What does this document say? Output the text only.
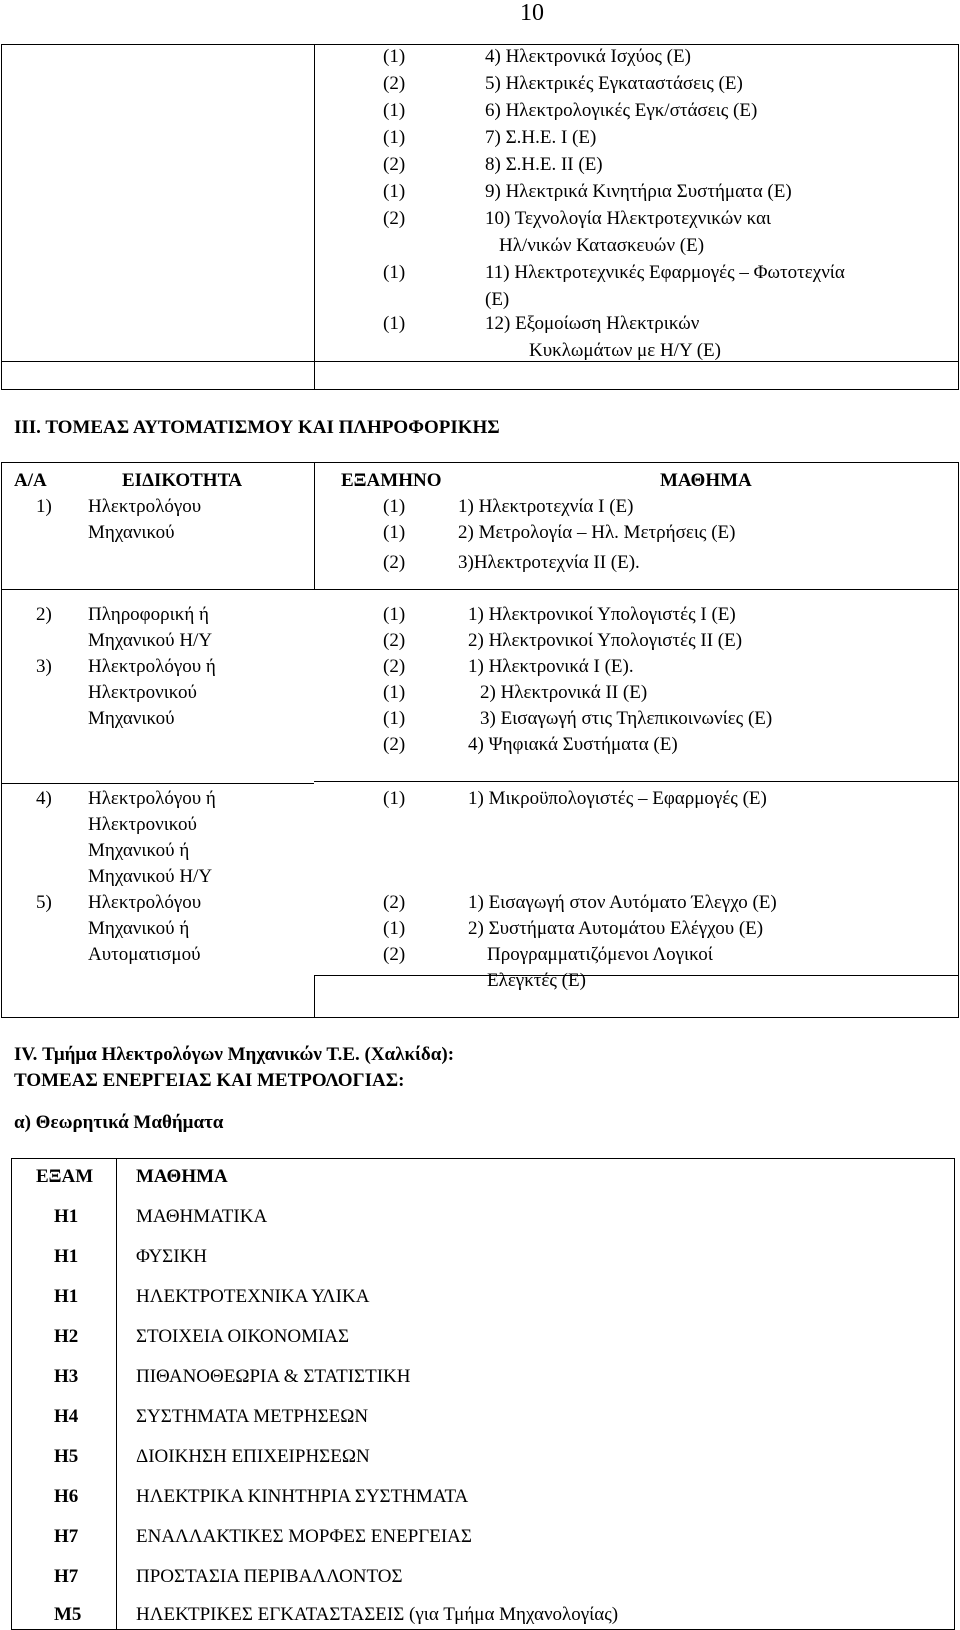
10
(1)	4) Ηλεκτρονικά Ισχύος (Ε)
(2)	5) Ηλεκτρικές Εγκαταστάσεις (Ε)
(1)	6) Ηλεκτρολογικές Εγκ/στάσεις (Ε)
(1)	7) Σ.Η.Ε. Ι (Ε)
(2)	8) Σ.Η.Ε. ΙΙ (Ε)
(1)	9) Ηλεκτρικά Κινητήρια Συστήματα (Ε)
(2)	10) Τεχνολογία Ηλεκτροτεχνικών και
Ηλ/νικών Κατασκευών (Ε)
(1)	11) Ηλεκτροτεχνικές Εφαρμογές – Φωτοτεχνία
(Ε)
(1)	12) Εξομοίωση Ηλεκτρικών
Κυκλωμάτων με Η/Υ (Ε)
ΙΙΙ. ΤΟΜΕΑΣ ΑΥΤΟΜΑΤΙΣΜΟΥ ΚΑΙ ΠΛΗΡΟΦΟΡΙΚΗΣ
Α/Α	ΕΙΔΙΚΟΤΗΤΑ	ΕΞΑΜΗΝΟ	ΜΑΘΗΜΑ
1) Ηλεκτρολόγου
Μηχανικού
(1)	1) Ηλεκτροτεχνία Ι (Ε)
(1)	2) Μετρολογία – Ηλ. Μετρήσεις (Ε)
(2)	3)Ηλεκτροτεχνία ΙΙ (Ε).
2) Πληροφορική ή
Μηχανικού Η/Υ
(1)	1) Ηλεκτρονικοί Υπολογιστές Ι (Ε)
(2)	2) Ηλεκτρονικοί Υπολογιστές ΙΙ (Ε)
3) Ηλεκτρολόγου ή
Ηλεκτρονικού
Μηχανικού
(2)	1) Ηλεκτρονικά Ι (Ε).
(1)	2) Ηλεκτρονικά ΙΙ (Ε)
(1)	3) Εισαγωγή στις Τηλεπικοινωνίες (Ε)
(2)	4) Ψηφιακά Συστήματα (Ε)
4) Ηλεκτρολόγου ή
Ηλεκτρονικού
Μηχανικού ή
Μηχανικού Η/Υ
(1)	1) Μικροϋπολογιστές – Εφαρμογές (Ε)
5) Ηλεκτρολόγου
Μηχανικού ή
Αυτοματισμού
(2)	1) Εισαγωγή στον Αυτόματο Έλεγχο (Ε)
(1)	2) Συστήματα Αυτομάτου Ελέγχου (Ε)
(2)	Προγραμματιζόμενοι Λογικοί
Ελεγκτές (Ε)
IV. Τμήμα Ηλεκτρολόγων Μηχανικών Τ.Ε. (Χαλκίδα):
ΤΟΜΕΑΣ ΕΝΕΡΓΕΙΑΣ ΚΑΙ ΜΕΤΡΟΛΟΓΙΑΣ:
α) Θεωρητικά Μαθήματα
ΕΞΑΜ ΜΑΘΗΜΑ
Η1	ΜΑΘΗΜΑΤΙΚΑ
Η1	ΦΥΣΙΚΗ
Η1	ΗΛΕΚΤΡΟΤΕΧΝΙΚΑ ΥΛΙΚΑ
Η2	ΣΤΟΙΧΕΙΑ ΟΙΚΟΝΟΜΙΑΣ
Η3	ΠΙΘΑΝΟΘΕΩΡΙΑ & ΣΤΑΤΙΣΤΙΚΗ
Η4	ΣΥΣΤΗΜΑΤΑ ΜΕΤΡΗΣΕΩΝ
Η5	ΔΙΟΙΚΗΣΗ ΕΠΙΧΕΙΡΗΣΕΩΝ
Η6	ΗΛΕΚΤΡΙΚΑ ΚΙΝΗΤΗΡΙΑ ΣΥΣΤΗΜΑΤΑ
Η7	ΕΝΑΛΛΑΚΤΙΚΕΣ ΜΟΡΦΕΣ ΕΝΕΡΓΕΙΑΣ
Η7	ΠΡΟΣΤΑΣΙΑ ΠΕΡΙΒΑΛΛΟΝΤΟΣ
Μ5	ΗΛΕΚΤΡΙΚΕΣ ΕΓΚΑΤΑΣΤΑΣΕΙΣ (για Τμήμα Μηχανολογίας)
